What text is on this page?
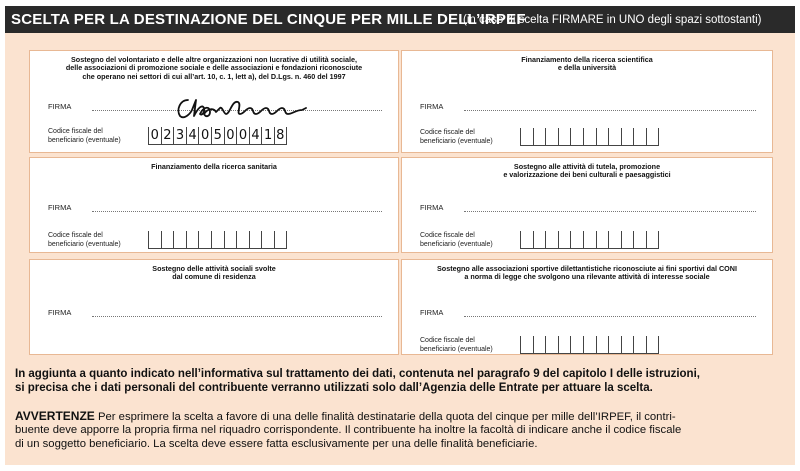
SCELTA PER LA DESTINAZIONE DEL CINQUE PER MILLE DELL’IRPEF
(in caso di scelta FIRMARE in UNO degli spazi sottostanti)
Sostegno del volontariato e delle altre organizzazioni non lucrative di utilità sociale,
delle associazioni di promozione sociale e delle associazioni e fondazioni riconosciute
che operano nei settori di cui all’art. 10, c. 1, lett a), del D.Lgs. n. 460 del 1997
FIRMA
Codice fiscale del
beneficiario (eventuale) 0 2 3 4 0 5 0 0 4 1 8
Finanziamento della ricerca scientifica
e della università
FIRMA
Codice fiscale del
beneficiario (eventuale)
Finanziamento della ricerca sanitaria
FIRMA
Codice fiscale del
beneficiario (eventuale)
Sostegno alle attività di tutela, promozione
e valorizzazione dei beni culturali e paesaggistici
FIRMA
Codice fiscale del
beneficiario (eventuale)
Sostegno delle attività sociali svolte
dal comune di residenza
FIRMA
Sostegno alle associazioni sportive dilettantistiche riconosciute ai fini sportivi dal CONI
a norma di legge che svolgono una rilevante attività di interesse sociale
FIRMA
Codice fiscale del
beneficiario (eventuale)
In aggiunta a quanto indicato nell’informativa sul trattamento dei dati, contenuta nel paragrafo 9 del capitolo I delle istruzioni,
si precisa che i dati personali del contribuente verranno utilizzati solo dall’Agenzia delle Entrate per attuare la scelta.
AVVERTENZE Per esprimere la scelta a favore di una delle finalità destinatarie della quota del cinque per mille dell’IRPEF, il contri-
buente deve apporre la propria firma nel riquadro corrispondente. Il contribuente ha inoltre la facoltà di indicare anche il codice fiscale
di un soggetto beneficiario. La scelta deve essere fatta esclusivamente per una delle finalità beneficiarie.
